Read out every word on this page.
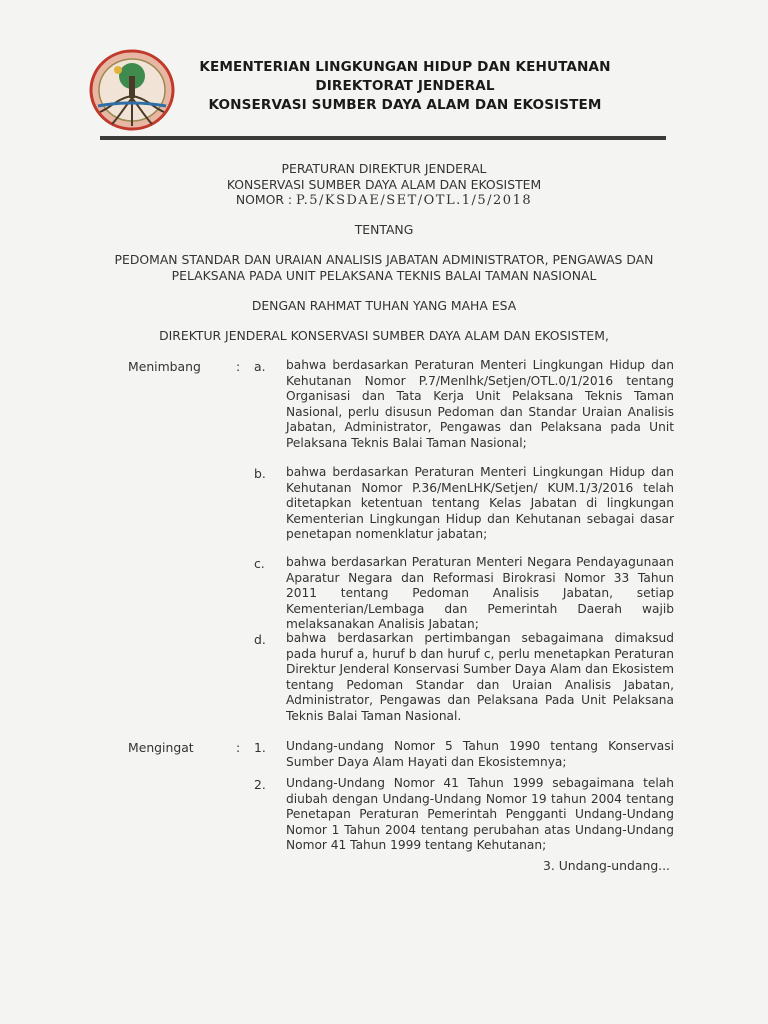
KEMENTERIAN LINGKUNGAN HIDUP DAN KEHUTANAN
DIREKTORAT JENDERAL
KONSERVASI SUMBER DAYA ALAM DAN EKOSISTEM
PERATURAN DIREKTUR JENDERAL
KONSERVASI SUMBER DAYA ALAM DAN EKOSISTEM
NOMOR : P.5/KSDAE/SET/OTL.1/5/2018
TENTANG
PEDOMAN STANDAR DAN URAIAN ANALISIS JABATAN ADMINISTRATOR, PENGAWAS DAN
PELAKSANA PADA UNIT PELAKSANA TEKNIS BALAI TAMAN NASIONAL
DENGAN RAHMAT TUHAN YANG MAHA ESA
DIREKTUR JENDERAL KONSERVASI SUMBER DAYA ALAM DAN EKOSISTEM,
Menimbang	: a. bahwa berdasarkan Peraturan Menteri Lingkungan Hidup dan Kehutanan Nomor P.7/Menlhk/Setjen/OTL.0/1/2016 tentang Organisasi dan Tata Kerja Unit Pelaksana Teknis Taman Nasional, perlu disusun Pedoman dan Standar Uraian Analisis Jabatan, Administrator, Pengawas dan Pelaksana pada Unit Pelaksana Teknis Balai Taman Nasional;
b. bahwa berdasarkan Peraturan Menteri Lingkungan Hidup dan Kehutanan Nomor P.36/MenLHK/Setjen/ KUM.1/3/2016 telah ditetapkan ketentuan tentang Kelas Jabatan di lingkungan Kementerian Lingkungan Hidup dan Kehutanan sebagai dasar penetapan nomenklatur jabatan;
c. bahwa berdasarkan Peraturan Menteri Negara Pendayagunaan Aparatur Negara dan Reformasi Birokrasi Nomor 33 Tahun 2011 tentang Pedoman Analisis Jabatan, setiap Kementerian/Lembaga dan Pemerintah Daerah wajib melaksanakan Analisis Jabatan;
d. bahwa berdasarkan pertimbangan sebagaimana dimaksud pada huruf a, huruf b dan huruf c, perlu menetapkan Peraturan Direktur Jenderal Konservasi Sumber Daya Alam dan Ekosistem tentang Pedoman Standar dan Uraian Analisis Jabatan, Administrator, Pengawas dan Pelaksana Pada Unit Pelaksana Teknis Balai Taman Nasional.
Mengingat	: 1. Undang-undang Nomor 5 Tahun 1990 tentang Konservasi Sumber Daya Alam Hayati dan Ekosistemnya;
2. Undang-Undang Nomor 41 Tahun 1999 sebagaimana telah diubah dengan Undang-Undang Nomor 19 tahun 2004 tentang Penetapan Peraturan Pemerintah Pengganti Undang-Undang Nomor 1 Tahun 2004 tentang perubahan atas Undang-Undang Nomor 41 Tahun 1999 tentang Kehutanan;
3. Undang-undang...
